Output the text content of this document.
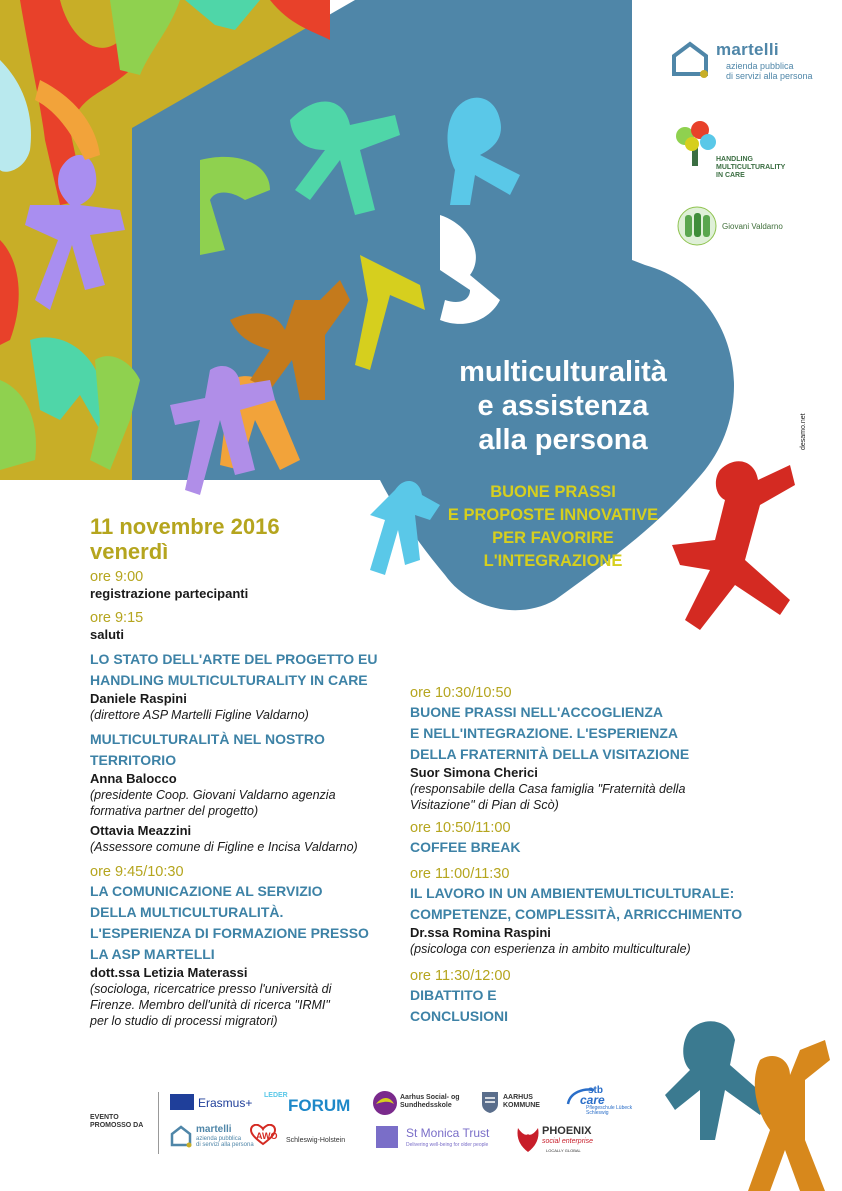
martelli
azienda pubblica
di servizi alla persona
HANDLING
MULTICULTURALITY
IN CARE
Giovani Valdarno
desamo.net
multiculturalità
e assistenza
alla persona
BUONE PRASSI
E PROPOSTE INNOVATIVE
PER FAVORIRE
L'INTEGRAZIONE
11 novembre 2016
venerdì
ore 9:00
registrazione partecipanti
ore 9:15
saluti
LO STATO DELL'ARTE DEL PROGETTO EU
HANDLING MULTICULTURALITY IN CARE
Daniele Raspini
(direttore ASP Martelli Figline Valdarno)
MULTICULTURALITÀ NEL NOSTRO
TERRITORIO
Anna Balocco
(presidente Coop. Giovani Valdarno agenzia
formativa partner del progetto)
Ottavia Meazzini
(Assessore comune di Figline e Incisa Valdarno)
ore 9:45/10:30
LA COMUNICAZIONE AL SERVIZIO
DELLA MULTICULTURALITÀ.
L'ESPERIENZA DI FORMAZIONE PRESSO
LA ASP MARTELLI
dott.ssa Letizia Materassi
(sociologa, ricercatrice presso l'università di
Firenze. Membro dell'unità di ricerca "IRMI"
per lo studio di processi migratori)
ore 10:30/10:50
BUONE PRASSI NELL'ACCOGLIENZA
E NELL'INTEGRAZIONE. L'ESPERIENZA
DELLA FRATERNITÀ DELLA VISITAZIONE
Suor Simona Cherici
(responsabile della Casa famiglia "Fraternità della
Visitazione" di Pian di Scò)
ore 10:50/11:00
COFFEE BREAK
ore 11:00/11:30
IL LAVORO IN UN AMBIENTEMULTICULTURALE:
COMPETENZE, COMPLESSITÀ, ARRICCHIMENTO
Dr.ssa Romina Raspini
(psicologa con esperienza in ambito multiculturale)
ore 11:30/12:00
DIBATTITO E
CONCLUSIONI
EVENTO
PROMOSSO DA
Erasmus+
LEDER
FORUM
martelli
azienda pubblica
di servizi alla persona
AWO Schleswig-Holstein
Aarhus Social- og
Sundhedsskole
AARHUS
KOMMUNE
stb
care
Pflegeschule Lübeck
Schleswig
St Monica Trust
Delivering well-being for older people
PHOENIX
social enterprise
LOCALLY GLOBAL
